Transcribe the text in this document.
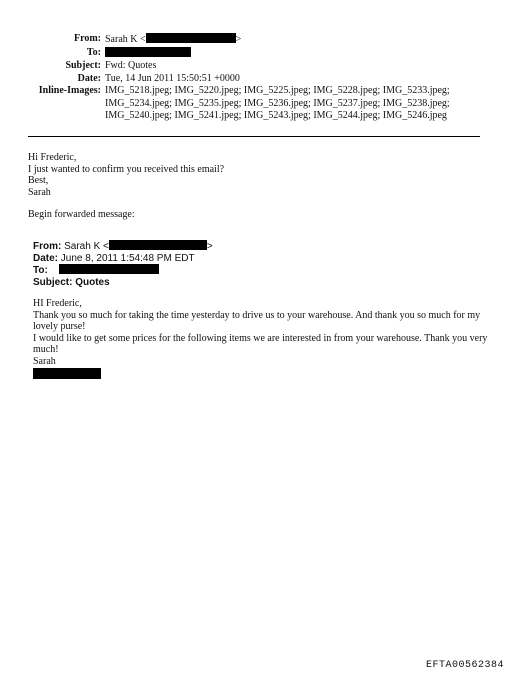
From: Sarah K <	>
To:
Subject: Fwd: Quotes
Date: Tue, 14 Jun 2011 15:50:51 +0000
Inline-Images: IMG_5218.jpeg; IMG_5220.jpeg; IMG_5225.jpeg; IMG_5228.jpeg; IMG_5233.jpeg;
IMG_5234.jpeg; IMG_5235.jpeg; IMG_5236.jpeg; IMG_5237.jpeg; IMG_5238.jpeg;
IMG_5240.jpeg; IMG_5241.jpeg; IMG_5243.jpeg; IMG_5244.jpeg; IMG_5246.jpeg
Hi Frederic,
I just wanted to confirm you received this email?
Best,
Sarah
Begin forwarded message:
From: Sarah K <	>
Date: June 8, 2011 1:54:48 PM EDT
To:
Subject: Quotes
HI Frederic,
Thank you so much for taking the time yesterday to drive us to your warehouse. And thank you so much for my lovely purse!
I would like to get some prices for the following items we are interested in from your warehouse. Thank you very much!
Sarah
EFTA00562384
